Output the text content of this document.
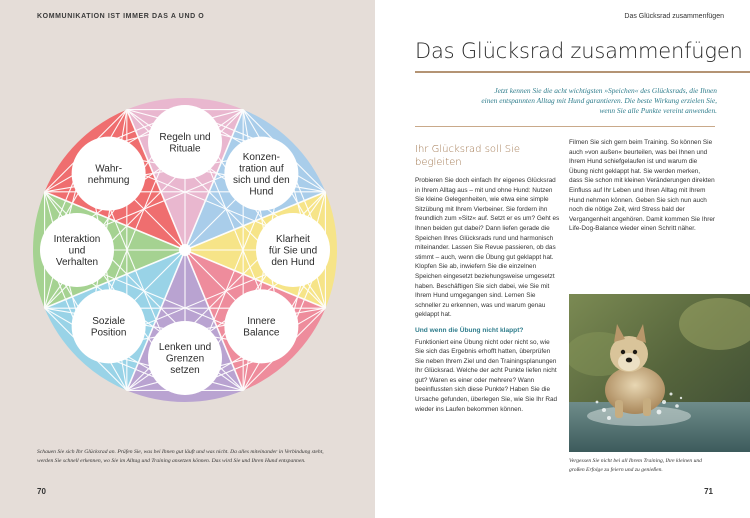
KOMMUNIKATION IST IMMER DAS A UND O
Regeln und
Rituale
Konzen-
tration auf
sich und den
Hund
Klarheit
für Sie und
den Hund
Innere
Balance
Lenken und
Grenzen
setzen
Soziale
Position
Interaktion
und
Verhalten
Wahr-
nehmung
Schauen Sie sich Ihr Glücksrad an. Prüfen Sie, was bei Ihnen gut läuft und was nicht. Da alles miteinander in Verbindung steht, werden Sie schnell erkennen, wo Sie im Alltag und Training ansetzen können. Das wird Sie und Ihren Hund entspannen.
70
Das Glücksrad zusammenfügen
Das Glücksrad zusammenfügen
Jetzt kennen Sie die acht wichtigsten »Speichen« des Glücksrads, die Ihnen einen entspannten Alltag mit Hund garantieren. Die beste Wirkung erzielen Sie, wenn Sie alle Punkte vereint anwenden.
Ihr Glücksrad soll Sie begleiten
Probieren Sie doch einfach Ihr eigenes Glücksrad in Ihrem Alltag aus – mit und ohne Hund: Nutzen Sie kleine Gelegenheiten, wie etwa eine simple Sitzübung mit Ihrem Vierbeiner. Sie fordern ihn freundlich zum »Sitz« auf. Setzt er es um? Geht es Ihnen beiden gut dabei? Dann liefen gerade die Speichen Ihres Glücksrads rund und harmonisch miteinander. Lassen Sie Revue passieren, ob das stimmt – auch, wenn die Übung gut geklappt hat. Klopfen Sie ab, inwiefern Sie die einzelnen Speichen eingesetzt beziehungsweise umgesetzt haben. Beschäftigen Sie sich dabei, wie Sie mit Ihrem Hund umgegangen sind. Lernen Sie schneller zu erkennen, was und warum genau geklappt hat.
Und wenn die Übung nicht klappt?
Funktioniert eine Übung nicht oder nicht so, wie Sie sich das Ergebnis erhofft hatten, überprüfen Sie neben Ihrem Ziel und den Trainingsplanungen Ihr Glücksrad. Welche der acht Punkte liefen nicht gut? Waren es einer oder mehrere? Wann beeinflussten sich diese Punkte? Haben Sie die Ursache gefunden, überlegen Sie, wie Sie Ihr Rad wieder ins Laufen bekommen können.
Filmen Sie sich gern beim Training. So können Sie auch »von außen« beurteilen, was bei Ihnen und Ihrem Hund schiefgelaufen ist und warum die Übung nicht geklappt hat. Sie werden merken, dass Sie schon mit kleinen Veränderungen direkten Einfluss auf Ihr Leben und Ihren Alltag mit Ihrem Hund nehmen können. Geben Sie sich nun auch noch die nötige Zeit, wird Stress bald der Vergangenheit angehören. Damit kommen Sie Ihrer Life-Dog-Balance wieder einen Schritt näher.
Vergessen Sie nicht bei all Ihrem Training, Ihre kleinen und großen Erfolge zu feiern und zu genießen.
71
